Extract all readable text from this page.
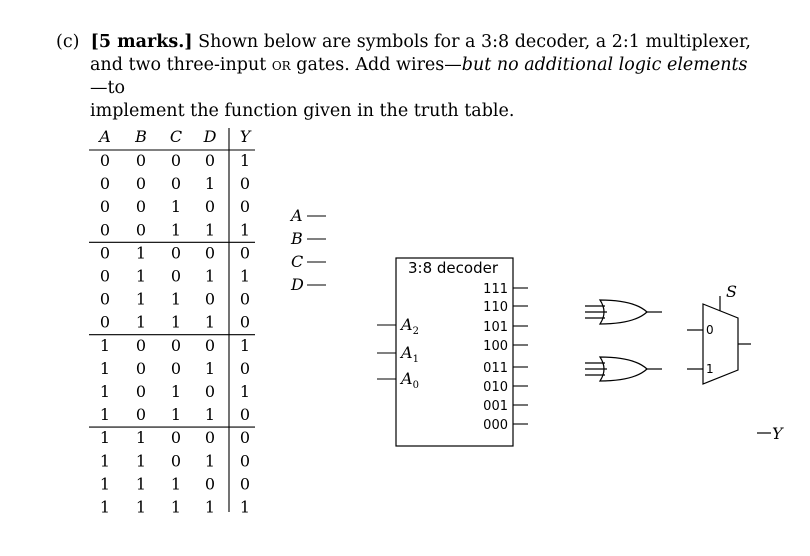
(c) [5 marks.] Shown below are symbols for a 3:8 decoder, a 2:1 multiplexer,
and two three-input or gates. Add wires—but no additional logic elements—to
implement the function given in the truth table.
A B C D Y
0 0 0 0 1
0 0 0 1 0
0 0 1 0 0
0 0 1 1 1
0 1 0 0 0
0 1 0 1 1
0 1 1 0 0
0 1 1 1 0
1 0 0 0 1
1 0 0 1 0
1 0 1 0 1
1 0 1 1 0
1 1 0 0 0
1 1 0 1 0
1 1 1 0 0
1 1 1 1 1
A
B
C
D
3:8 decoder
$A_2$
$A_1$
$A_0$
111
110
101
100
011
010
001
000
S
0
1
Y
